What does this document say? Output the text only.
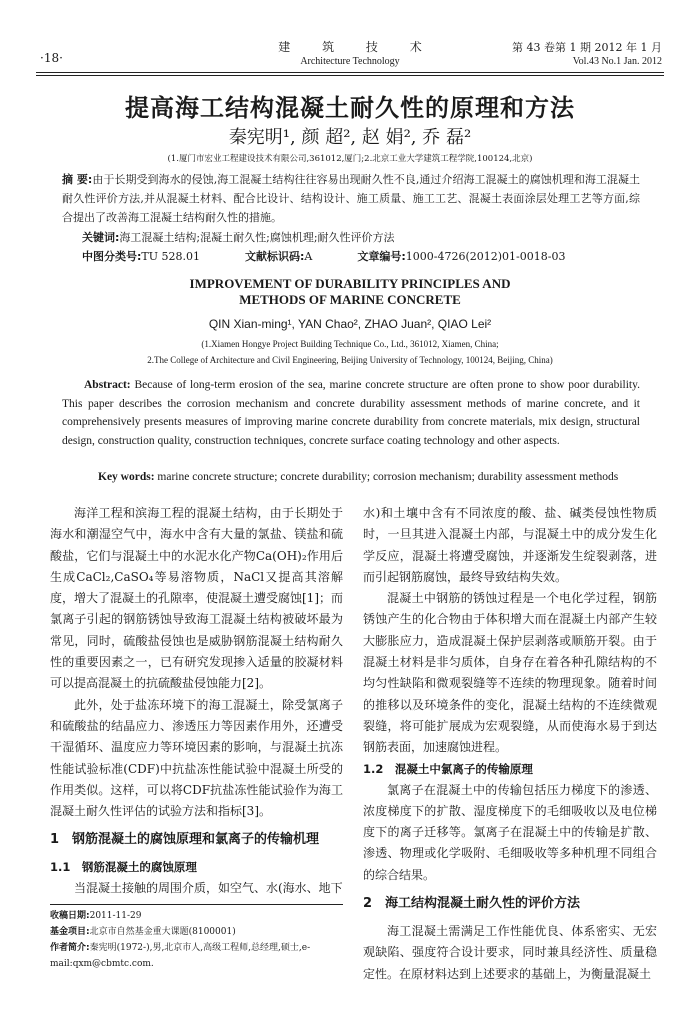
·18·
建 筑 技 术
Architecture Technology
第 43 卷第 1 期 2012 年 1 月
Vol.43 No.1 Jan. 2012
提高海工结构混凝土耐久性的原理和方法
秦宪明¹, 颜 超², 赵 娟², 乔 磊²
(1.厦门市宏业工程建设技术有限公司,361012,厦门;2.北京工业大学建筑工程学院,100124,北京)
摘 要:由于长期受到海水的侵蚀,海工混凝土结构往往容易出现耐久性不良,通过介绍海工混凝土的腐蚀机理和海工混凝土耐久性评价方法,并从混凝土材料、配合比设计、结构设计、施工质量、施工工艺、混凝土表面涂层处理工艺等方面,综合提出了改善海工混凝土结构耐久性的措施。
关键词:海工混凝土结构;混凝土耐久性;腐蚀机理;耐久性评价方法
中图分类号:TU 528.01	文献标识码:A	文章编号:1000-4726(2012)01-0018-03
IMPROVEMENT OF DURABILITY PRINCIPLES AND
METHODS OF MARINE CONCRETE
QIN Xian-ming¹, YAN Chao², ZHAO Juan², QIAO Lei²
(1.Xiamen Hongye Project Building Technique Co., Ltd., 361012, Xiamen, China;
2.The College of Architecture and Civil Engineering, Beijing University of Technology, 100124, Beijing, China)
Abstract: Because of long-term erosion of the sea, marine concrete structure are often prone to show poor durability. This paper describes the corrosion mechanism and concrete durability assessment methods of marine concrete, and it comprehensively presents measures of improving marine concrete durability from concrete materials, mix design, structural design, construction quality, construction techniques, concrete surface coating technology and other aspects.
Key words: marine concrete structure; concrete durability; corrosion mechanism; durability assessment methods

海洋工程和滨海工程的混凝土结构，由于长期处于海水和潮湿空气中，海水中含有大量的氯盐、镁盐和硫酸盐，它们与混凝土中的水泥水化产物Ca(OH)₂作用后生成CaCl₂,CaSO₄等易溶物质，NaCl又提高其溶解度，增大了混凝土的孔隙率，使混凝土遭受腐蚀[1]；而氯离子引起的钢筋锈蚀导致海工混凝土结构被破坏最为常见，同时，硫酸盐侵蚀也是威胁钢筋混凝土结构耐久性的重要因素之一，已有研究发现掺入适量的胶凝材料可以提高混凝土的抗硫酸盐侵蚀能力[2]。

此外，处于盐冻环境下的海工混凝土，除受氯离子和硫酸盐的结晶应力、渗透压力等因素作用外，还遭受干湿循环、温度应力等环境因素的影响，与混凝土抗冻性能试验标准(CDF)中抗盐冻性能试验中混凝土所受的作用类似。这样，可以将CDF抗盐冻性能试验作为海工混凝土耐久性评估的试验方法和指标[3]。

1　钢筋混凝土的腐蚀原理和氯离子的传输机理
1.1　钢筋混凝土的腐蚀原理

当混凝土接触的周围介质，如空气、水(海水、地下

水)和土壤中含有不同浓度的酸、盐、碱类侵蚀性物质时，一旦其进入混凝土内部，与混凝土中的成分发生化学反应，混凝土将遭受腐蚀，并逐渐发生绽裂剥落，进而引起钢筋腐蚀，最终导致结构失效。

混凝土中钢筋的锈蚀过程是一个电化学过程，钢筋锈蚀产生的化合物由于体积增大而在混凝土内部产生较大膨胀应力，造成混凝土保护层剥落或顺筋开裂。由于混凝土材料是非匀质体，自身存在着各种孔隙结构的不均匀性缺陷和微观裂缝等不连续的物理现象。随着时间的推移以及环境条件的变化，混凝土结构的不连续微观裂缝，将可能扩展成为宏观裂缝，从而使海水易于到达钢筋表面，加速腐蚀进程。

1.2　混凝土中氯离子的传输原理

氯离子在混凝土中的传输包括压力梯度下的渗透、浓度梯度下的扩散、湿度梯度下的毛细吸收以及电位梯度下的离子迁移等。氯离子在混凝土中的传输是扩散、渗透、物理或化学吸附、毛细吸收等多种机理不同组合的综合结果。

2　海工结构混凝土耐久性的评价方法

海工混凝土需满足工作性能优良、体系密实、无宏观缺陷、强度符合设计要求，同时兼具经济性、质量稳定性。在原材料达到上述要求的基础上，为衡量混凝土

收稿日期:2011-11-29
基金项目:北京市自然基金重大课题(8100001)
作者简介:秦宪明(1972-),男,北京市人,高级工程师,总经理,硕士,e-mail:qxm@cbmtc.com.
